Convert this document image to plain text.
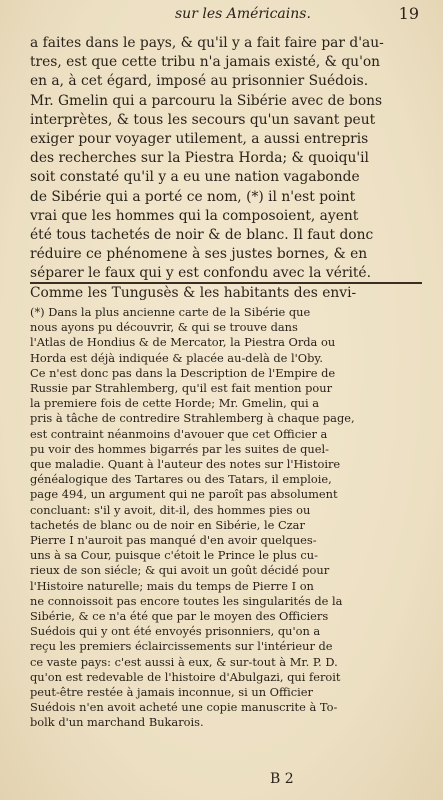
sur les Américains.	19
a faites dans le pays, & qu'il y a fait faire par d'au-
tres, est que cette tribu n'a jamais existé, & qu'on
en a, à cet égard, imposé au prisonnier Suédois.
Mr. Gmelin qui a parcouru la Sibérie avec de bons
interprètes, & tous les secours qu'un savant peut
exiger pour voyager utilement, a aussi entrepris
des recherches sur la Piestra Horda; & quoiqu'il
soit constaté qu'il y a eu une nation vagabonde
de Sibérie qui a porté ce nom, (*) il n'est point
vrai que les hommes qui la composoient, ayent
été tous tachetés de noir & de blanc. Il faut donc
réduire ce phénomene à ses justes bornes, & en
séparer le faux qui y est confondu avec la vérité.
Comme les Tungusès & les habitants des envi-
(*) Dans la plus ancienne carte de la Sibérie que
nous ayons pu découvrir, & qui se trouve dans
l'Atlas de Hondius & de Mercator, la Piestra Orda ou
Horda est déjà indiquée & placée au-delà de l'Oby.
Ce n'est donc pas dans la Description de l'Empire de
Russie par Strahlemberg, qu'il est fait mention pour
la premiere fois de cette Horde; Mr. Gmelin, qui a
pris à tâche de contredire Strahlemberg à chaque page,
est contraint néanmoins d'avouer que cet Officier a
pu voir des hommes bigarrés par les suites de quel-
que maladie. Quant à l'auteur des notes sur l'Histoire
généalogique des Tartares ou des Tatars, il emploie,
page 494, un argument qui ne paroît pas absolument
concluant: s'il y avoit, dit-il, des hommes pies ou
tachetés de blanc ou de noir en Sibérie, le Czar
Pierre I n'auroit pas manqué d'en avoir quelques-
uns à sa Cour, puisque c'étoit le Prince le plus cu-
rieux de son siécle; & qui avoit un goût décidé pour
l'Histoire naturelle; mais du temps de Pierre I on
ne connoissoit pas encore toutes les singularités de la
Sibérie, & ce n'a été que par le moyen des Officiers
Suédois qui y ont été envoyés prisonniers, qu'on a
reçu les premiers éclaircissements sur l'intérieur de
ce vaste pays: c'est aussi à eux, & sur-tout à Mr. P. D.
qu'on est redevable de l'histoire d'Abulgazi, qui feroit
peut-être restée à jamais inconnue, si un Officier
Suédois n'en avoit acheté une copie manuscrite à To-
bolk d'un marchand Bukarois.
B 2
